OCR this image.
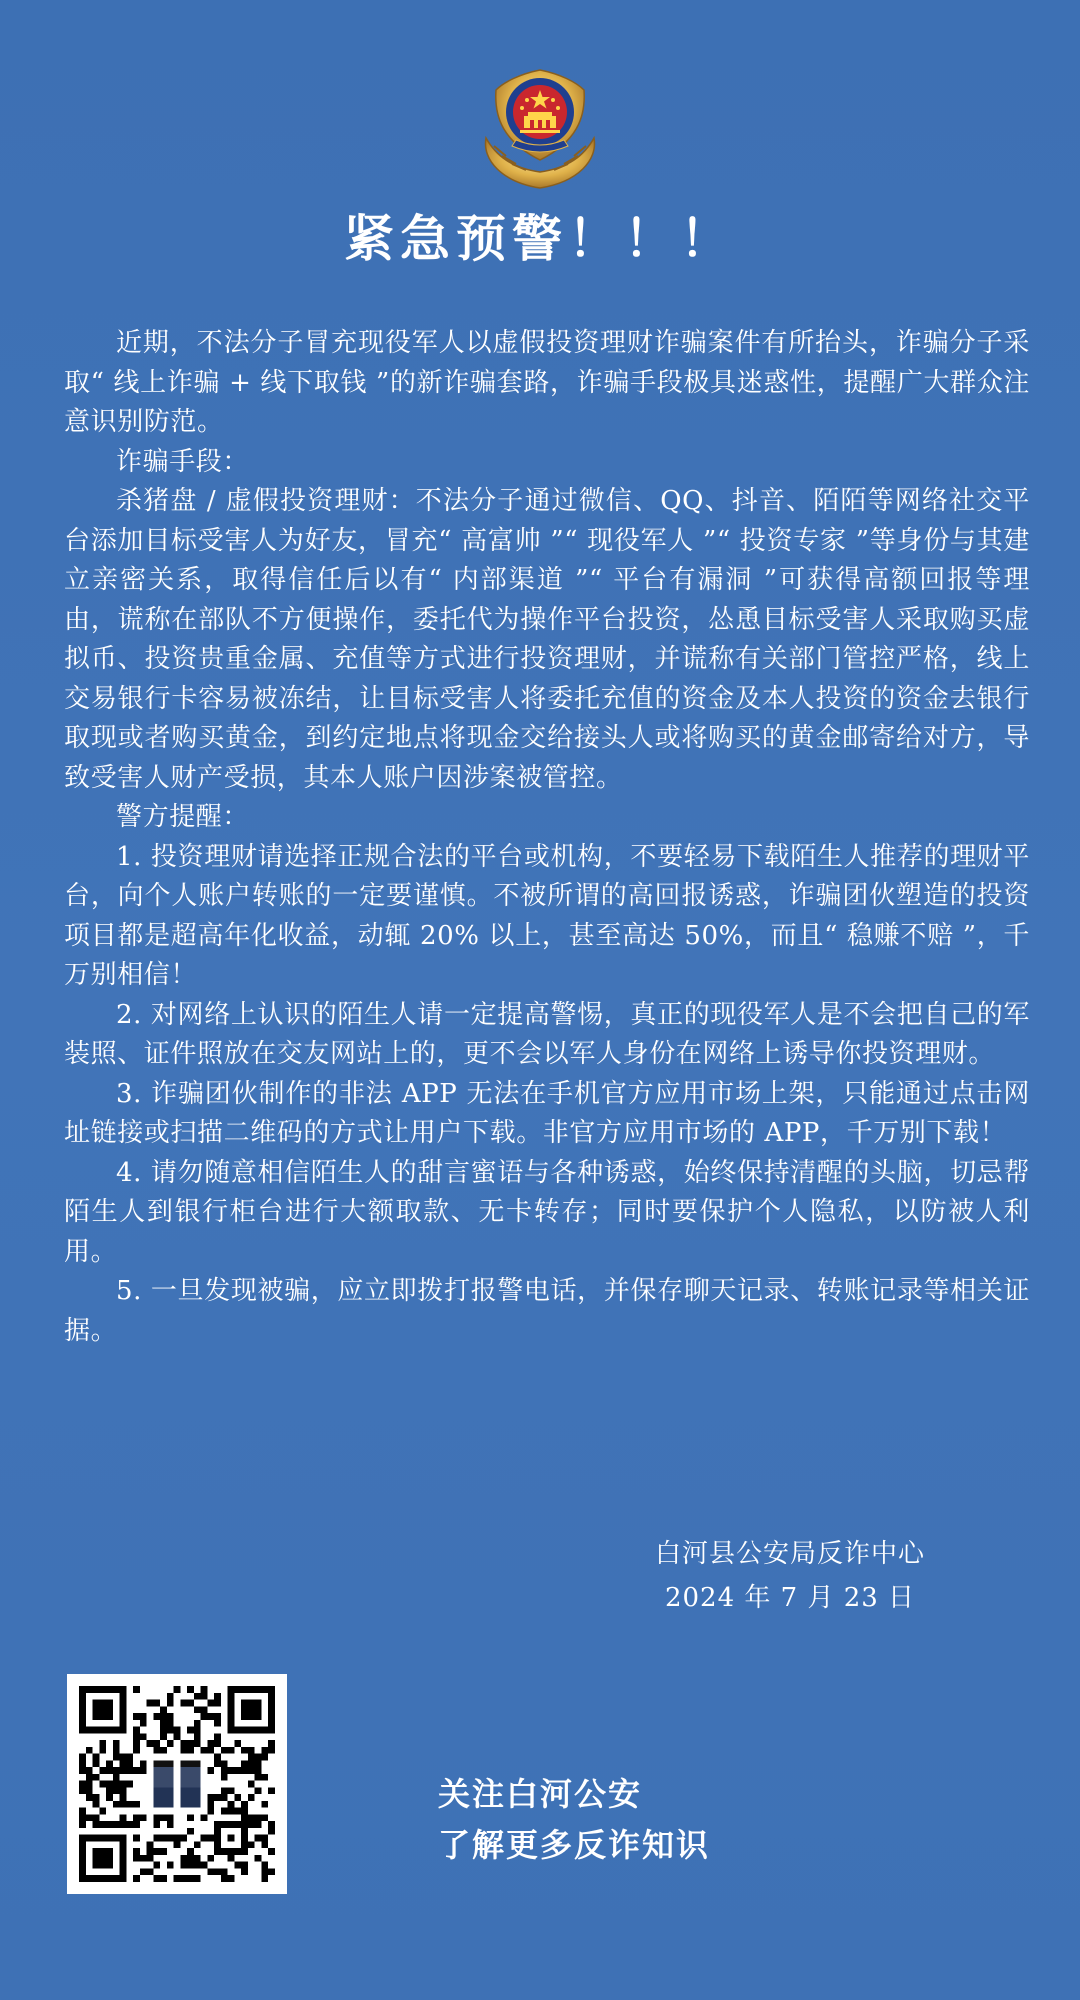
紧急预警！！！

近期，不法分子冒充现役军人以虚假投资理财诈骗案件有所抬头，诈骗分子采取“ 线上诈骗 + 线下取钱 ”的新诈骗套路，诈骗手段极具迷惑性，提醒广大群众注意识别防范。

诈骗手段：

杀猪盘 / 虚假投资理财：不法分子通过微信、QQ、抖音、陌陌等网络社交平台添加目标受害人为好友，冒充“ 高富帅 ”“ 现役军人 ”“ 投资专家 ”等身份与其建立亲密关系，取得信任后以有“ 内部渠道 ”“ 平台有漏洞 ”可获得高额回报等理由，谎称在部队不方便操作，委托代为操作平台投资，怂恿目标受害人采取购买虚拟币、投资贵重金属、充值等方式进行投资理财，并谎称有关部门管控严格，线上交易银行卡容易被冻结，让目标受害人将委托充值的资金及本人投资的资金去银行取现或者购买黄金，到约定地点将现金交给接头人或将购买的黄金邮寄给对方，导致受害人财产受损，其本人账户因涉案被管控。

警方提醒：

1. 投资理财请选择正规合法的平台或机构，不要轻易下载陌生人推荐的理财平台，向个人账户转账的一定要谨慎。不被所谓的高回报诱惑，诈骗团伙塑造的投资项目都是超高年化收益，动辄 20% 以上，甚至高达 50%，而且“ 稳赚不赔 ”，千万别相信！

2. 对网络上认识的陌生人请一定提高警惕，真正的现役军人是不会把自己的军装照、证件照放在交友网站上的，更不会以军人身份在网络上诱导你投资理财。

3. 诈骗团伙制作的非法 APP 无法在手机官方应用市场上架，只能通过点击网址链接或扫描二维码的方式让用户下载。非官方应用市场的 APP，千万别下载！

4. 请勿随意相信陌生人的甜言蜜语与各种诱惑，始终保持清醒的头脑，切忌帮陌生人到银行柜台进行大额取款、无卡转存；同时要保护个人隐私，以防被人利用。

5. 一旦发现被骗，应立即拨打报警电话，并保存聊天记录、转账记录等相关证据。

白河县公安局反诈中心
2024 年 7 月 23 日
关注白河公安
了解更多反诈知识
